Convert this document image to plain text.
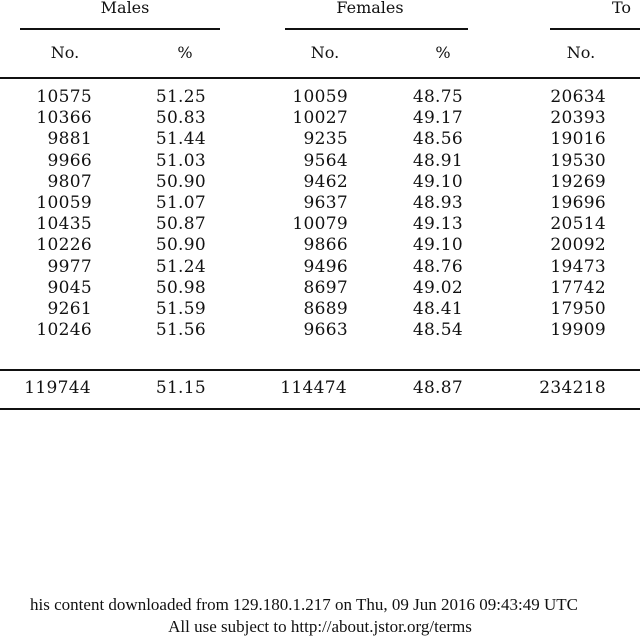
Males	Females	To
No.	%	No.	%	No.
10575	51.25	10059	48.75	20634
10366	50.83	10027	49.17	20393
9881	51.44	9235	48.56	19016
9966	51.03	9564	48.91	19530
9807	50.90	9462	49.10	19269
10059	51.07	9637	48.93	19696
10435	50.87	10079	49.13	20514
10226	50.90	9866	49.10	20092
9977	51.24	9496	48.76	19473
9045	50.98	8697	49.02	17742
9261	51.59	8689	48.41	17950
10246	51.56	9663	48.54	19909
119744	51.15	114474	48.87	234218
his content downloaded from 129.180.1.217 on Thu, 09 Jun 2016 09:43:49 UTC
All use subject to http://about.jstor.org/terms
